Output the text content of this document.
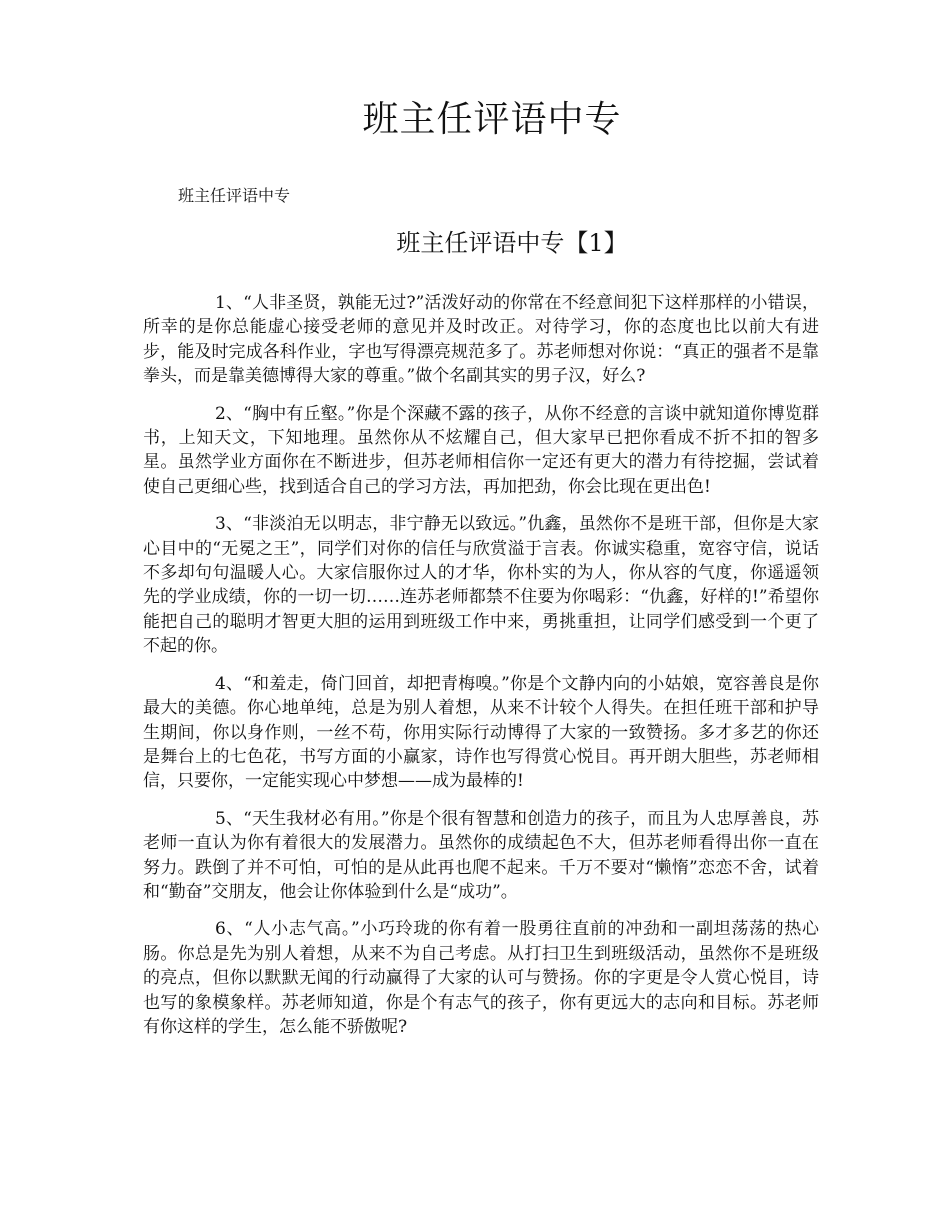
班主任评语中专

班主任评语中专

班主任评语中专【1】

1、“人非圣贤，孰能无过?”活泼好动的你常在不经意间犯下这样那样的小错误，所幸的是你总能虚心接受老师的意见并及时改正。对待学习，你的态度也比以前大有进步，能及时完成各科作业，字也写得漂亮规范多了。苏老师想对你说：“真正的强者不是靠拳头，而是靠美德博得大家的尊重。”做个名副其实的男子汉，好么?

2、“胸中有丘壑。”你是个深藏不露的孩子，从你不经意的言谈中就知道你博览群书，上知天文，下知地理。虽然你从不炫耀自己，但大家早已把你看成不折不扣的智多星。虽然学业方面你在不断进步，但苏老师相信你一定还有更大的潜力有待挖掘，尝试着使自己更细心些，找到适合自己的学习方法，再加把劲，你会比现在更出色!

3、“非淡泊无以明志，非宁静无以致远。”仇鑫，虽然你不是班干部，但你是大家心目中的“无冕之王”，同学们对你的信任与欣赏溢于言表。你诚实稳重，宽容守信，说话不多却句句温暖人心。大家信服你过人的才华，你朴实的为人，你从容的气度，你遥遥领先的学业成绩，你的一切一切……连苏老师都禁不住要为你喝彩：“仇鑫，好样的!”希望你能把自己的聪明才智更大胆的运用到班级工作中来，勇挑重担，让同学们感受到一个更了不起的你。

4、“和羞走，倚门回首，却把青梅嗅。”你是个文静内向的小姑娘，宽容善良是你最大的美德。你心地单纯，总是为别人着想，从来不计较个人得失。在担任班干部和护导生期间，你以身作则，一丝不苟，你用实际行动博得了大家的一致赞扬。多才多艺的你还是舞台上的七色花，书写方面的小赢家，诗作也写得赏心悦目。再开朗大胆些，苏老师相信，只要你，一定能实现心中梦想——成为最棒的!

5、“天生我材必有用。”你是个很有智慧和创造力的孩子，而且为人忠厚善良，苏老师一直认为你有着很大的发展潜力。虽然你的成绩起色不大，但苏老师看得出你一直在努力。跌倒了并不可怕，可怕的是从此再也爬不起来。千万不要对“懒惰”恋恋不舍，试着和“勤奋”交朋友，他会让你体验到什么是“成功”。

6、“人小志气高。”小巧玲珑的你有着一股勇往直前的冲劲和一副坦荡荡的热心肠。你总是先为别人着想，从来不为自己考虑。从打扫卫生到班级活动，虽然你不是班级的亮点，但你以默默无闻的行动赢得了大家的认可与赞扬。你的字更是令人赏心悦目，诗也写的象模象样。苏老师知道，你是个有志气的孩子，你有更远大的志向和目标。苏老师有你这样的学生，怎么能不骄傲呢?
